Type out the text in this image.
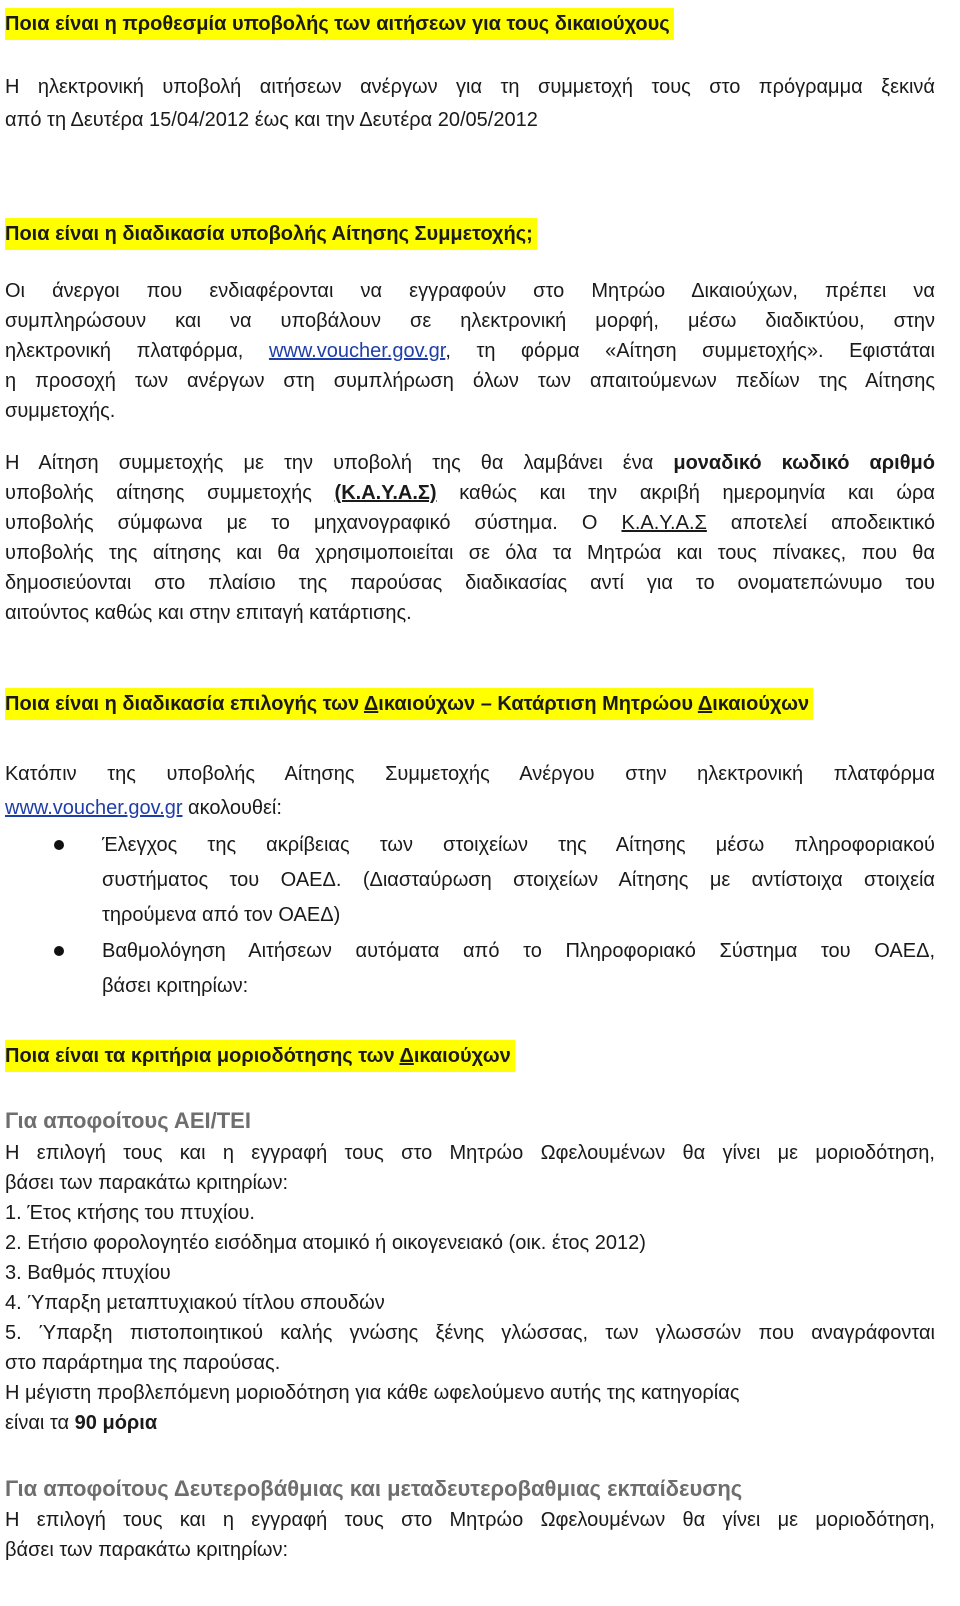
Ποια είναι η προθεσμία υποβολής των αιτήσεων για τους δικαιούχους
Η ηλεκτρονική υποβολή αιτήσεων ανέργων για τη συμμετοχή τους στο πρόγραμμα ξεκινά
από τη Δευτέρα 15/04/2012 έως και την Δευτέρα 20/05/2012
Ποια είναι η διαδικασία υποβολής Αίτησης Συμμετοχής;
Οι άνεργοι που ενδιαφέρονται να εγγραφούν στο Μητρώο Δικαιούχων, πρέπει να
συμπληρώσουν και να υποβάλουν σε ηλεκτρονική μορφή, μέσω διαδικτύου, στην
ηλεκτρονική πλατφόρμα, www.voucher.gov.gr, τη φόρμα «Αίτηση συμμετοχής». Εφιστάται
η προσοχή των ανέργων στη συμπλήρωση όλων των απαιτούμενων πεδίων της Αίτησης
συμμετοχής.
Η Αίτηση συμμετοχής με την υποβολή της θα λαμβάνει ένα μοναδικό κωδικό αριθμό
υποβολής αίτησης συμμετοχής (Κ.Α.Υ.Α.Σ) καθώς και την ακριβή ημερομηνία και ώρα
υποβολής σύμφωνα με το μηχανογραφικό σύστημα. Ο Κ.Α.Υ.Α.Σ αποτελεί αποδεικτικό
υποβολής της αίτησης και θα χρησιμοποιείται σε όλα τα Μητρώα και τους πίνακες, που θα
δημοσιεύονται στο πλαίσιο της παρούσας διαδικασίας αντί για το ονοματεπώνυμο του
αιτούντος καθώς και στην επιταγή κατάρτισης.
Ποια είναι η διαδικασία επιλογής των Δικαιούχων – Κατάρτιση Μητρώου Δικαιούχων
Κατόπιν της υποβολής Αίτησης Συμμετοχής Ανέργου στην ηλεκτρονική πλατφόρμα
www.voucher.gov.gr ακολουθεί:
Έλεγχος της ακρίβειας των στοιχείων της Αίτησης μέσω πληροφοριακού
συστήματος του ΟΑΕΔ. (Διασταύρωση στοιχείων Αίτησης με αντίστοιχα στοιχεία
τηρούμενα από τον ΟΑΕΔ)
Βαθμολόγηση Αιτήσεων αυτόματα από το Πληροφοριακό Σύστημα του ΟΑΕΔ,
βάσει κριτηρίων:
Ποια είναι τα κριτήρια μοριοδότησης των Δικαιούχων
Για αποφοίτους ΑΕΙ/ΤΕΙ
Η επιλογή τους και η εγγραφή τους στο Μητρώο Ωφελουμένων θα γίνει με μοριοδότηση,
βάσει των παρακάτω κριτηρίων:
1. Έτος κτήσης του πτυχίου.
2. Ετήσιο φορολογητέο εισόδημα ατομικό ή οικογενειακό (οικ. έτος 2012)
3. Βαθμός πτυχίου
4. Ύπαρξη μεταπτυχιακού τίτλου σπουδών
5. Ύπαρξη πιστοποιητικού καλής γνώσης ξένης γλώσσας, των γλωσσών που αναγράφονται
στο παράρτημα της παρούσας.
Η μέγιστη προβλεπόμενη μοριοδότηση για κάθε ωφελούμενο αυτής της κατηγορίας
είναι τα 90 μόρια
Για αποφοίτους Δευτεροβάθμιας και μεταδευτεροβαθμιας εκπαίδευσης
Η επιλογή τους και η εγγραφή τους στο Μητρώο Ωφελουμένων θα γίνει με μοριοδότηση,
βάσει των παρακάτω κριτηρίων:
